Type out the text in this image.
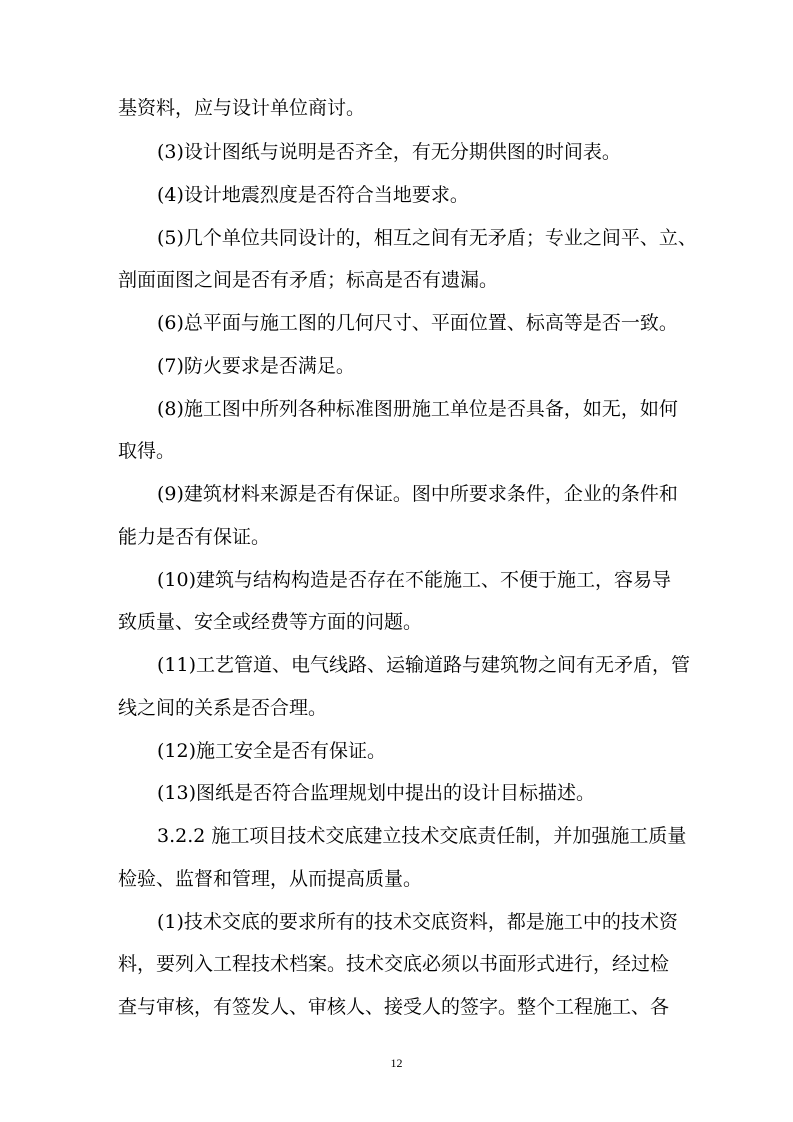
基资料，应与设计单位商讨。
(3)设计图纸与说明是否齐全，有无分期供图的时间表。
(4)设计地震烈度是否符合当地要求。
(5)几个单位共同设计的，相互之间有无矛盾；专业之间平、立、
剖面面图之间是否有矛盾；标高是否有遗漏。
(6)总平面与施工图的几何尺寸、平面位置、标高等是否一致。
(7)防火要求是否满足。
(8)施工图中所列各种标准图册施工单位是否具备，如无，如何
取得。
(9)建筑材料来源是否有保证。图中所要求条件，企业的条件和
能力是否有保证。
(10)建筑与结构构造是否存在不能施工、不便于施工，容易导
致质量、安全或经费等方面的问题。
(11)工艺管道、电气线路、运输道路与建筑物之间有无矛盾，管
线之间的关系是否合理。
(12)施工安全是否有保证。
(13)图纸是否符合监理规划中提出的设计目标描述。
3.2.2 施工项目技术交底建立技术交底责任制，并加强施工质量
检验、监督和管理，从而提高质量。
(1)技术交底的要求所有的技术交底资料，都是施工中的技术资
料，要列入工程技术档案。技术交底必须以书面形式进行，经过检
查与审核，有签发人、审核人、接受人的签字。整个工程施工、各
12
